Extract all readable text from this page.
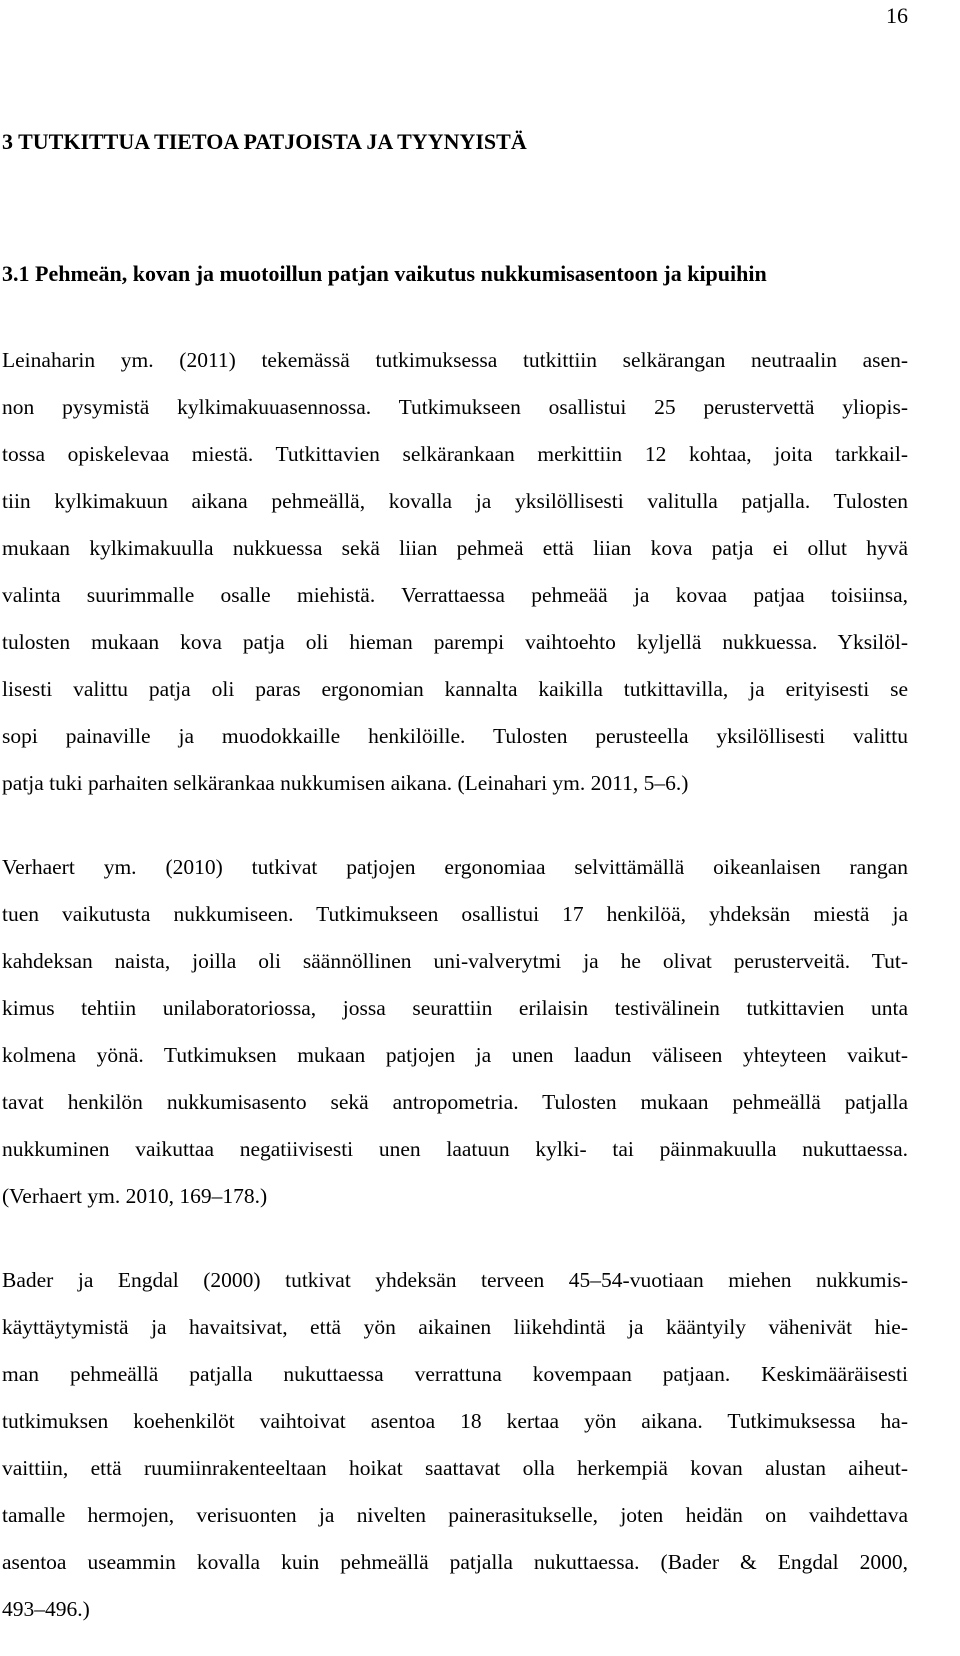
16
3 TUTKITTUA TIETOA PATJOISTA JA TYYNYISTÄ
3.1 Pehmeän, kovan ja muotoillun patjan vaikutus nukkumisasentoon ja kipuihin
Leinaharin ym. (2011) tekemässä tutkimuksessa tutkittiin selkärangan neutraalin asen-
non pysymistä kylkimakuuasennossa. Tutkimukseen osallistui 25 perustervettä yliopis-
tossa opiskelevaa miestä. Tutkittavien selkärankaan merkittiin 12 kohtaa, joita tarkkail-
tiin kylkimakuun aikana pehmeällä, kovalla ja yksilöllisesti valitulla patjalla. Tulosten
mukaan kylkimakuulla nukkuessa sekä liian pehmeä että liian kova patja ei ollut hyvä
valinta suurimmalle osalle miehistä. Verrattaessa pehmeää ja kovaa patjaa toisiinsa,
tulosten mukaan kova patja oli hieman parempi vaihtoehto kyljellä nukkuessa. Yksilöl-
lisesti valittu patja oli paras ergonomian kannalta kaikilla tutkittavilla, ja erityisesti se
sopi painaville ja muodokkaille henkilöille. Tulosten perusteella yksilöllisesti valittu
patja tuki parhaiten selkärankaa nukkumisen aikana. (Leinahari ym. 2011, 5–6.)
Verhaert ym. (2010) tutkivat patjojen ergonomiaa selvittämällä oikeanlaisen rangan
tuen vaikutusta nukkumiseen. Tutkimukseen osallistui 17 henkilöä, yhdeksän miestä ja
kahdeksan naista, joilla oli säännöllinen uni-valverytmi ja he olivat perusterveitä. Tut-
kimus tehtiin unilaboratoriossa, jossa seurattiin erilaisin testivälinein tutkittavien unta
kolmena yönä. Tutkimuksen mukaan patjojen ja unen laadun väliseen yhteyteen vaikut-
tavat henkilön nukkumisasento sekä antropometria. Tulosten mukaan pehmeällä patjalla
nukkuminen vaikuttaa negatiivisesti unen laatuun kylki- tai päinmakuulla nukuttaessa.
(Verhaert ym. 2010, 169–178.)
Bader ja Engdal (2000) tutkivat yhdeksän terveen 45–54-vuotiaan miehen nukkumis-
käyttäytymistä ja havaitsivat, että yön aikainen liikehdintä ja kääntyily vähenivät hie-
man pehmeällä patjalla nukuttaessa verrattuna kovempaan patjaan. Keskimääräisesti
tutkimuksen koehenkilöt vaihtoivat asentoa 18 kertaa yön aikana. Tutkimuksessa ha-
vaittiin, että ruumiinrakenteeltaan hoikat saattavat olla herkempiä kovan alustan aiheut-
tamalle hermojen, verisuonten ja nivelten painerasitukselle, joten heidän on vaihdettava
asentoa useammin kovalla kuin pehmeällä patjalla nukuttaessa. (Bader & Engdal 2000,
493–496.)
